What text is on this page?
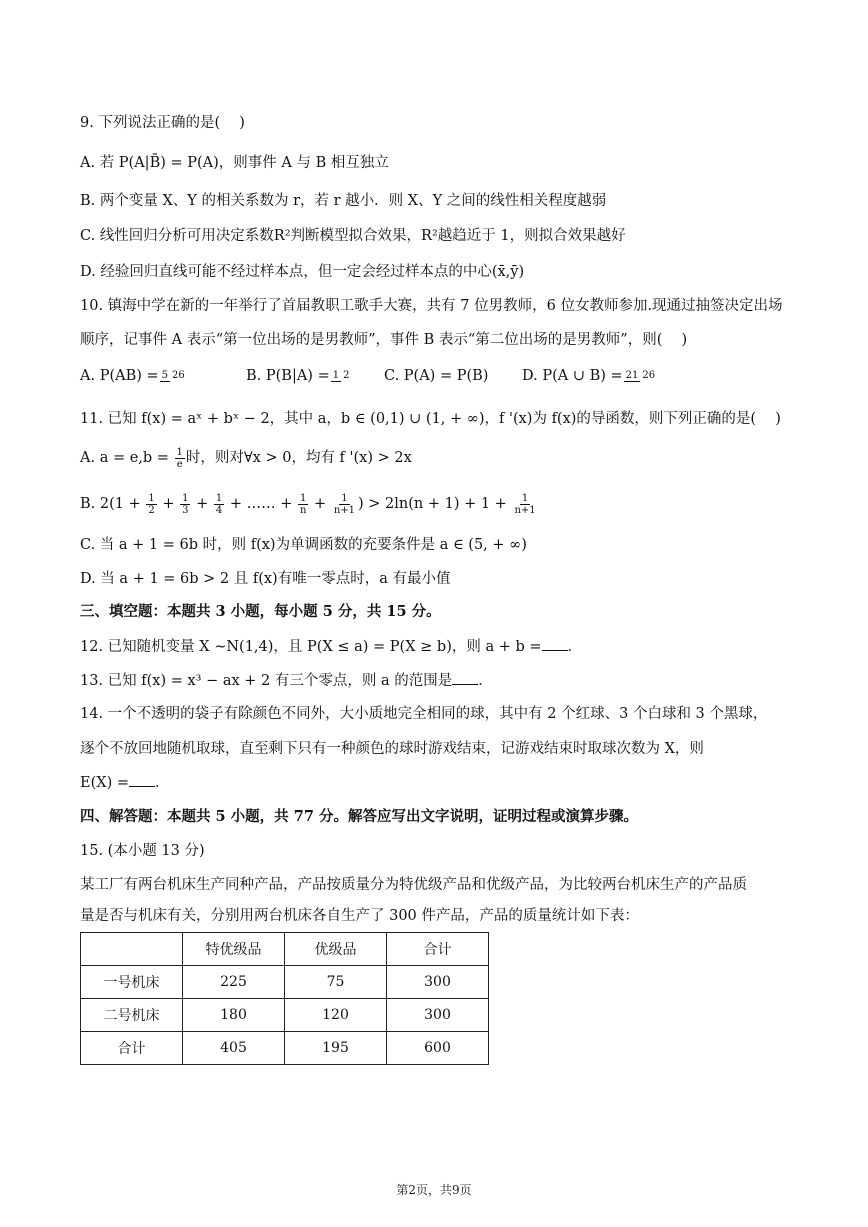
9. 下列说法正确的是(　 )
A. 若 P(A|B̄) = P(A)，则事件 A 与 B 相互独立
B. 两个变量 X、Y 的相关系数为 r，若 r 越小．则 X、Y 之间的线性相关程度越弱
C. 线性回归分析可用决定系数R²判断模型拟合效果，R²越趋近于 1，则拟合效果越好
D. 经验回归直线可能不经过样本点，但一定会经过样本点的中心(x̄,ȳ)
10. 镇海中学在新的一年举行了首届教职工歌手大赛，共有 7 位男教师，6 位女教师参加.现通过抽签决定出场顺序，记事件 A 表示“第一位出场的是男教师”，事件 B 表示“第二位出场的是男教师”，则(　 )
A. P(AB) =5 26	B. P(B|A) =1 2	C. P(A) = P(B)	D. P(A ∪ B) =21 26
11. 已知 f(x) = aˣ + bˣ − 2，其中 a，b ∈ (0,1) ∪ (1, + ∞)，f '(x)为 f(x)的导函数，则下列正确的是(　 )
A. $a = e,b = \frac{1}{e}$ 时，则对∀x > 0，均有 f '(x) > 2x
B. $2(1 + \frac{1}{2} + \frac{1}{3} + \frac{1}{4}$ + …… + $\frac{1}{n} + \frac{1}{n+1}$ ) > $2\ln(n + 1) + 1 + \frac{1}{n+1}$
C. 当 a + 1 = 6b 时，则 f(x)为单调函数的充要条件是 a ∈ (5, + ∞)
D. 当 a + 1 = 6b > 2 且 f(x)有唯一零点时，a 有最小值
三、填空题：本题共 3 小题，每小题 5 分，共 15 分。
12. 已知随机变量 X ∼N(1,4)，且 P(X ≤ a) = P(X ≥ b)，则 a + b = ．
13. 已知 f(x) = x³ − ax + 2 有三个零点，则 a 的范围是 ．
14. 一个不透明的袋子有除颜色不同外，大小质地完全相同的球，其中有 2 个红球、3 个白球和 3 个黑球，
逐个不放回地随机取球，直至剩下只有一种颜色的球时游戏结束，记游戏结束时取球次数为 X，则
E(X) = ．
四、解答题：本题共 5 小题，共 77 分。解答应写出文字说明，证明过程或演算步骤。
15. (本小题 13 分)
某工厂有两台机床生产同种产品，产品按质量分为特优级产品和优级产品，为比较两台机床生产的产品质
量是否与机床有关，分别用两台机床各自生产了 300 件产品，产品的质量统计如下表：
	特优级品	优级品	合计
一号机床	225	75	300
二号机床	180	120	300
合计	405	195	600
第2页，共9页
